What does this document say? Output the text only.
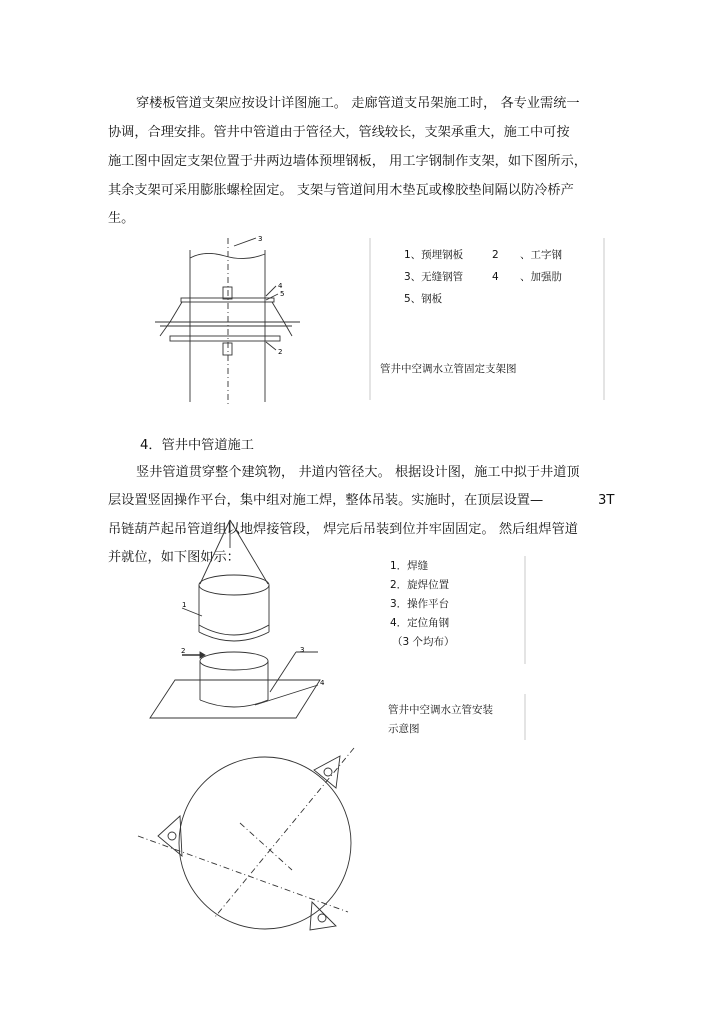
穿楼板管道支架应按设计详图施工。 走廊管道支吊架施工时， 各专业需统一
协调，合理安排。管井中管道由于管径大，管线较长，支架承重大，施工中可按
施工图中固定支架位置于井两边墙体预埋钢板， 用工字钢制作支架，如下图所示，
其余支架可采用膨胀螺栓固定。 支架与管道间用木垫瓦或橡胶垫间隔以防冷桥产
生。
3
4
5
2
1、预埋钢板	2 、工字钢
3、无缝钢管	4 、加强肋
5、钢板
管井中空调水立管固定支架图
4．管井中管道施工
竖井管道贯穿整个建筑物， 井道内管径大。 根据设计图，施工中拟于井道顶
层设置竖固操作平台，集中组对施工焊，整体吊装。实施时，在顶层设置—	3T
吊链葫芦起吊管道组以地焊接管段， 焊完后吊装到位并牢固固定。 然后组焊管道
并就位，如下图如示：
1
2	3
4
1．焊缝
2．旋焊位置
3．操作平台
4．定位角钢
（3 个均布）
管井中空调水立管安装
示意图
